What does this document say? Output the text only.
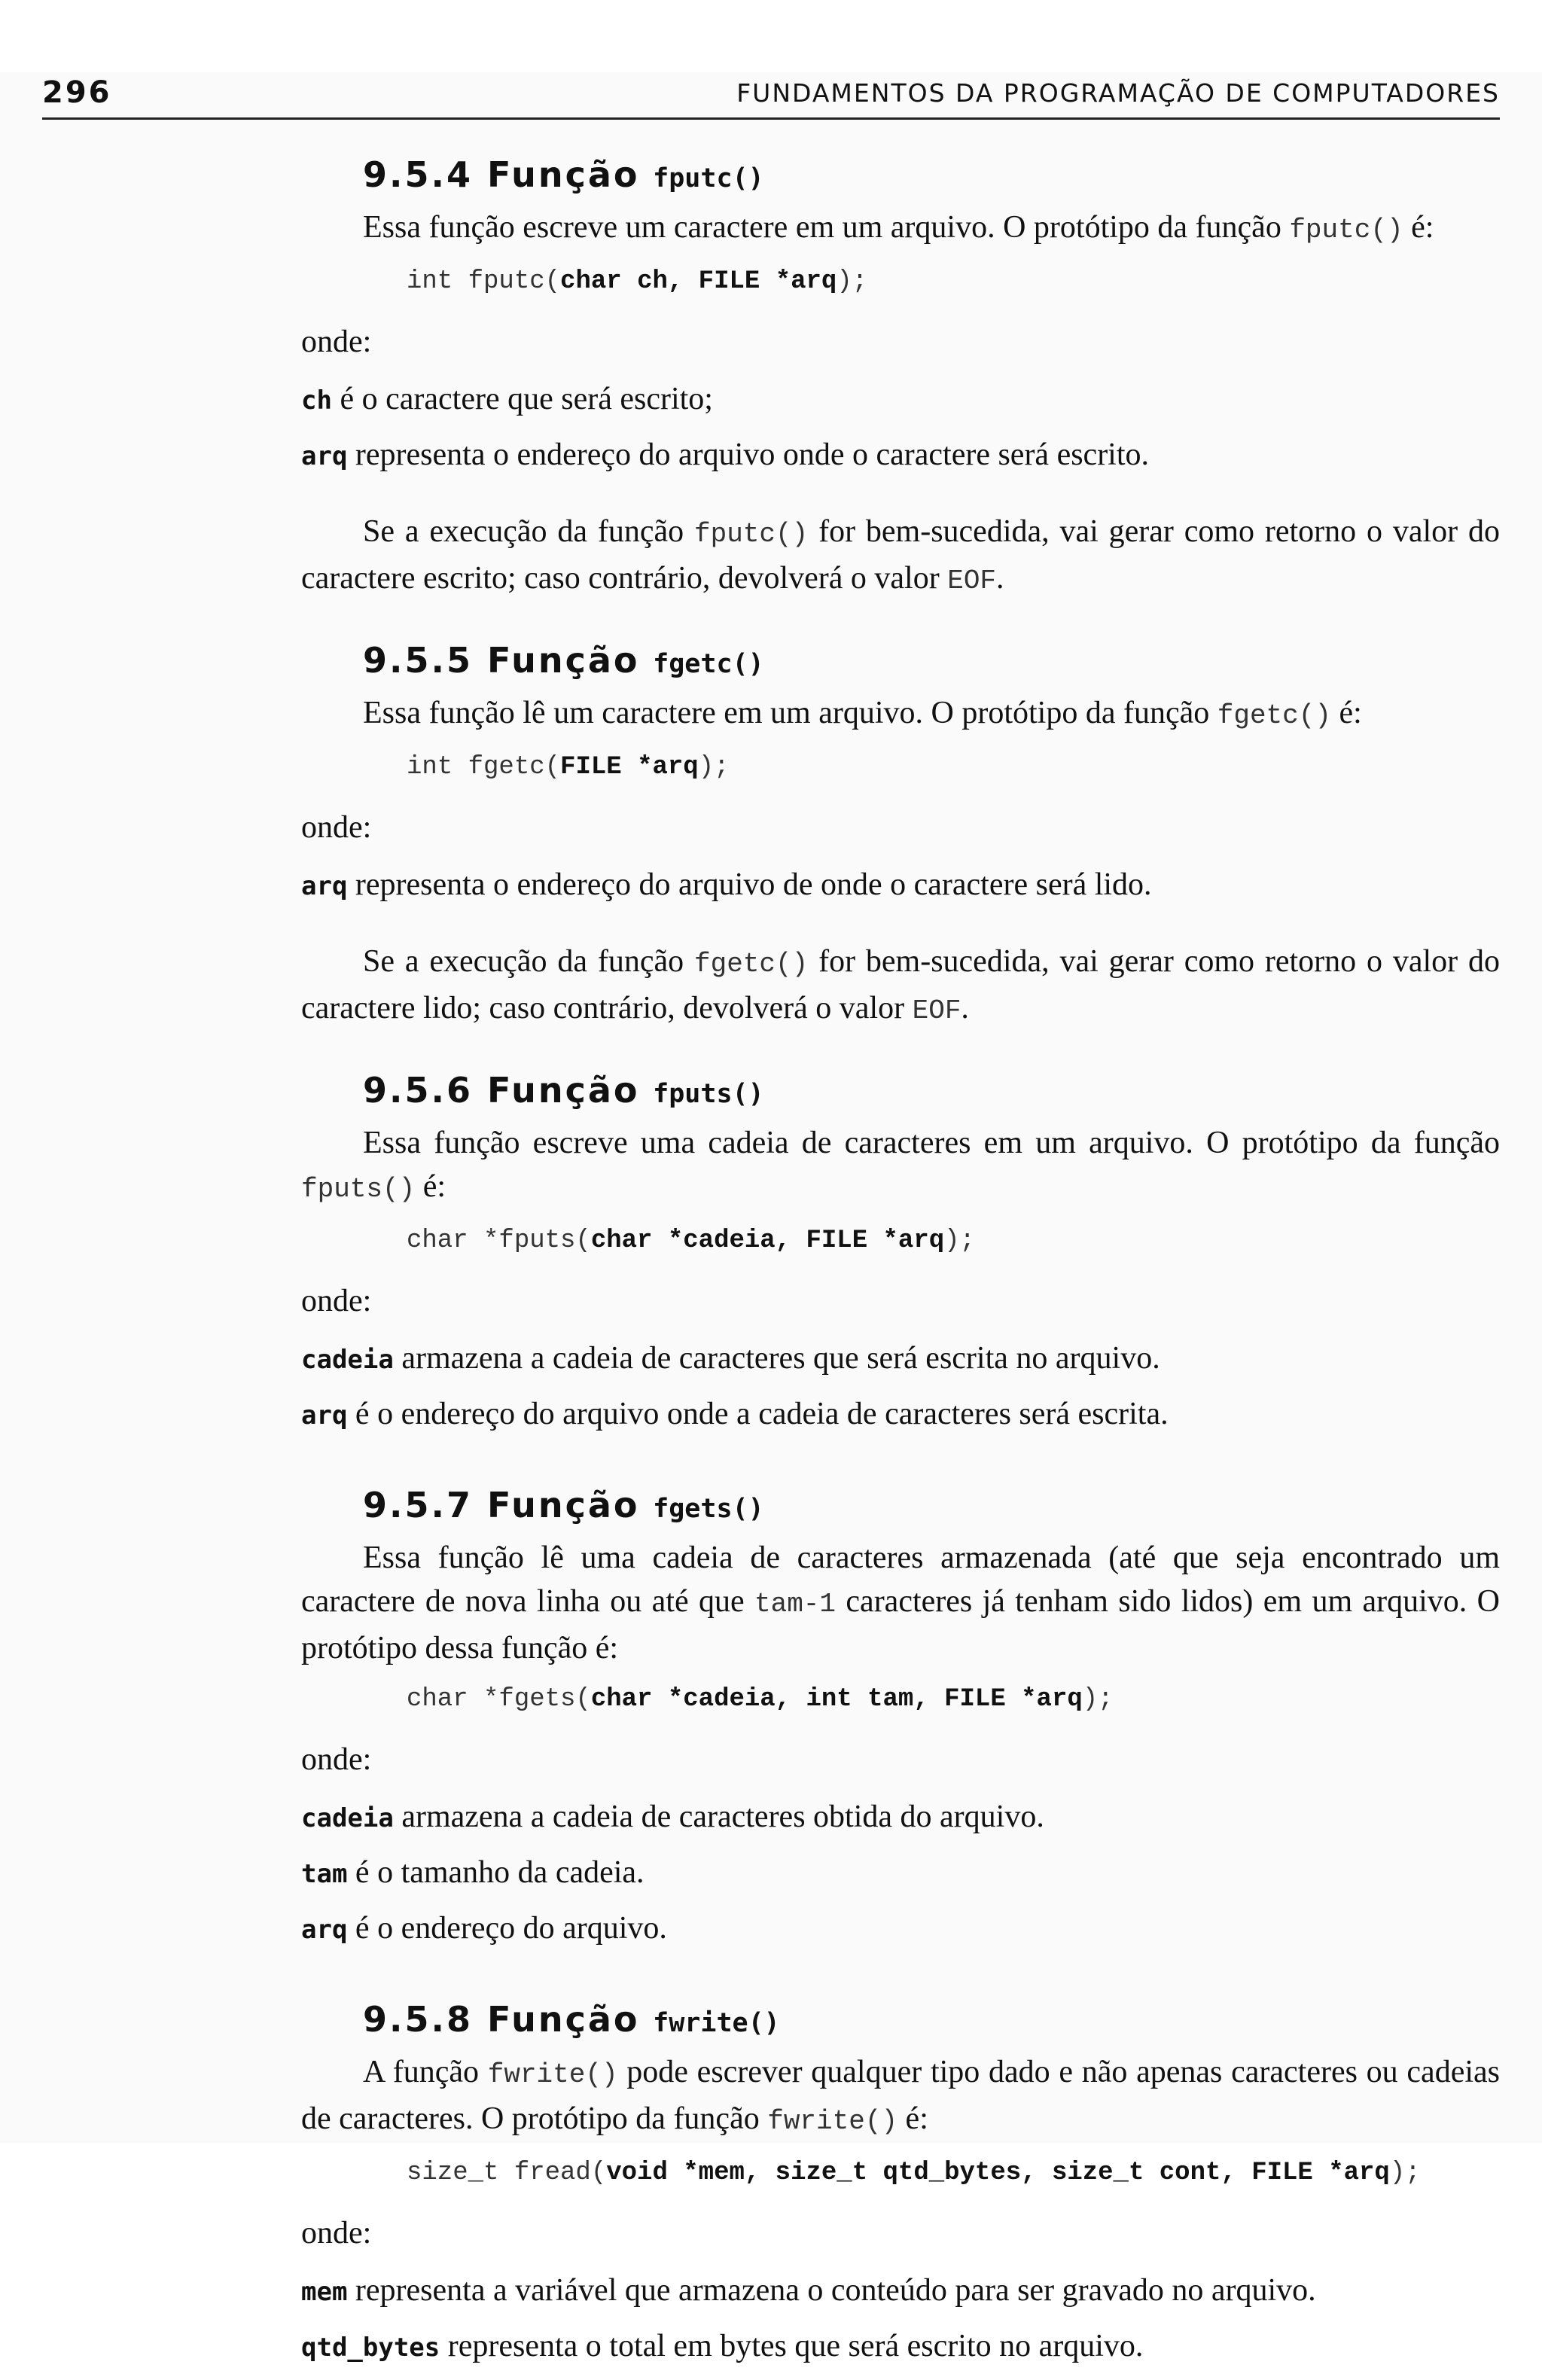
296	FUNDAMENTOS DA PROGRAMAÇÃO DE COMPUTADORES
9.5.4 Função fputc()

Essa função escreve um caractere em um arquivo. O protótipo da função fputc() é:

int fputc(char ch, FILE *arq);

onde:

ch é o caractere que será escrito;

arq representa o endereço do arquivo onde o caractere será escrito.

Se a execução da função fputc() for bem-sucedida, vai gerar como retorno o valor do caractere escrito; caso contrário, devolverá o valor EOF.

9.5.5 Função fgetc()

Essa função lê um caractere em um arquivo. O protótipo da função fgetc() é:

int fgetc(FILE *arq);

onde:

arq representa o endereço do arquivo de onde o caractere será lido.

Se a execução da função fgetc() for bem-sucedida, vai gerar como retorno o valor do caractere lido; caso contrário, devolverá o valor EOF.

9.5.6 Função fputs()

Essa função escreve uma cadeia de caracteres em um arquivo. O protótipo da função fputs() é:

char *fputs(char *cadeia, FILE *arq);

onde:

cadeia armazena a cadeia de caracteres que será escrita no arquivo.

arq é o endereço do arquivo onde a cadeia de caracteres será escrita.

9.5.7 Função fgets()

Essa função lê uma cadeia de caracteres armazenada (até que seja encontrado um caractere de nova linha ou até que tam-1 caracteres já tenham sido lidos) em um arquivo. O protótipo dessa função é:

char *fgets(char *cadeia, int tam, FILE *arq);

onde:

cadeia armazena a cadeia de caracteres obtida do arquivo.

tam é o tamanho da cadeia.

arq é o endereço do arquivo.

9.5.8 Função fwrite()

A função fwrite() pode escrever qualquer tipo dado e não apenas caracteres ou cadeias de caracteres. O protótipo da função fwrite() é:

size_t fread(void *mem, size_t qtd_bytes, size_t cont, FILE *arq);

onde:

mem representa a variável que armazena o conteúdo para ser gravado no arquivo.

qtd_bytes representa o total em bytes que será escrito no arquivo.
